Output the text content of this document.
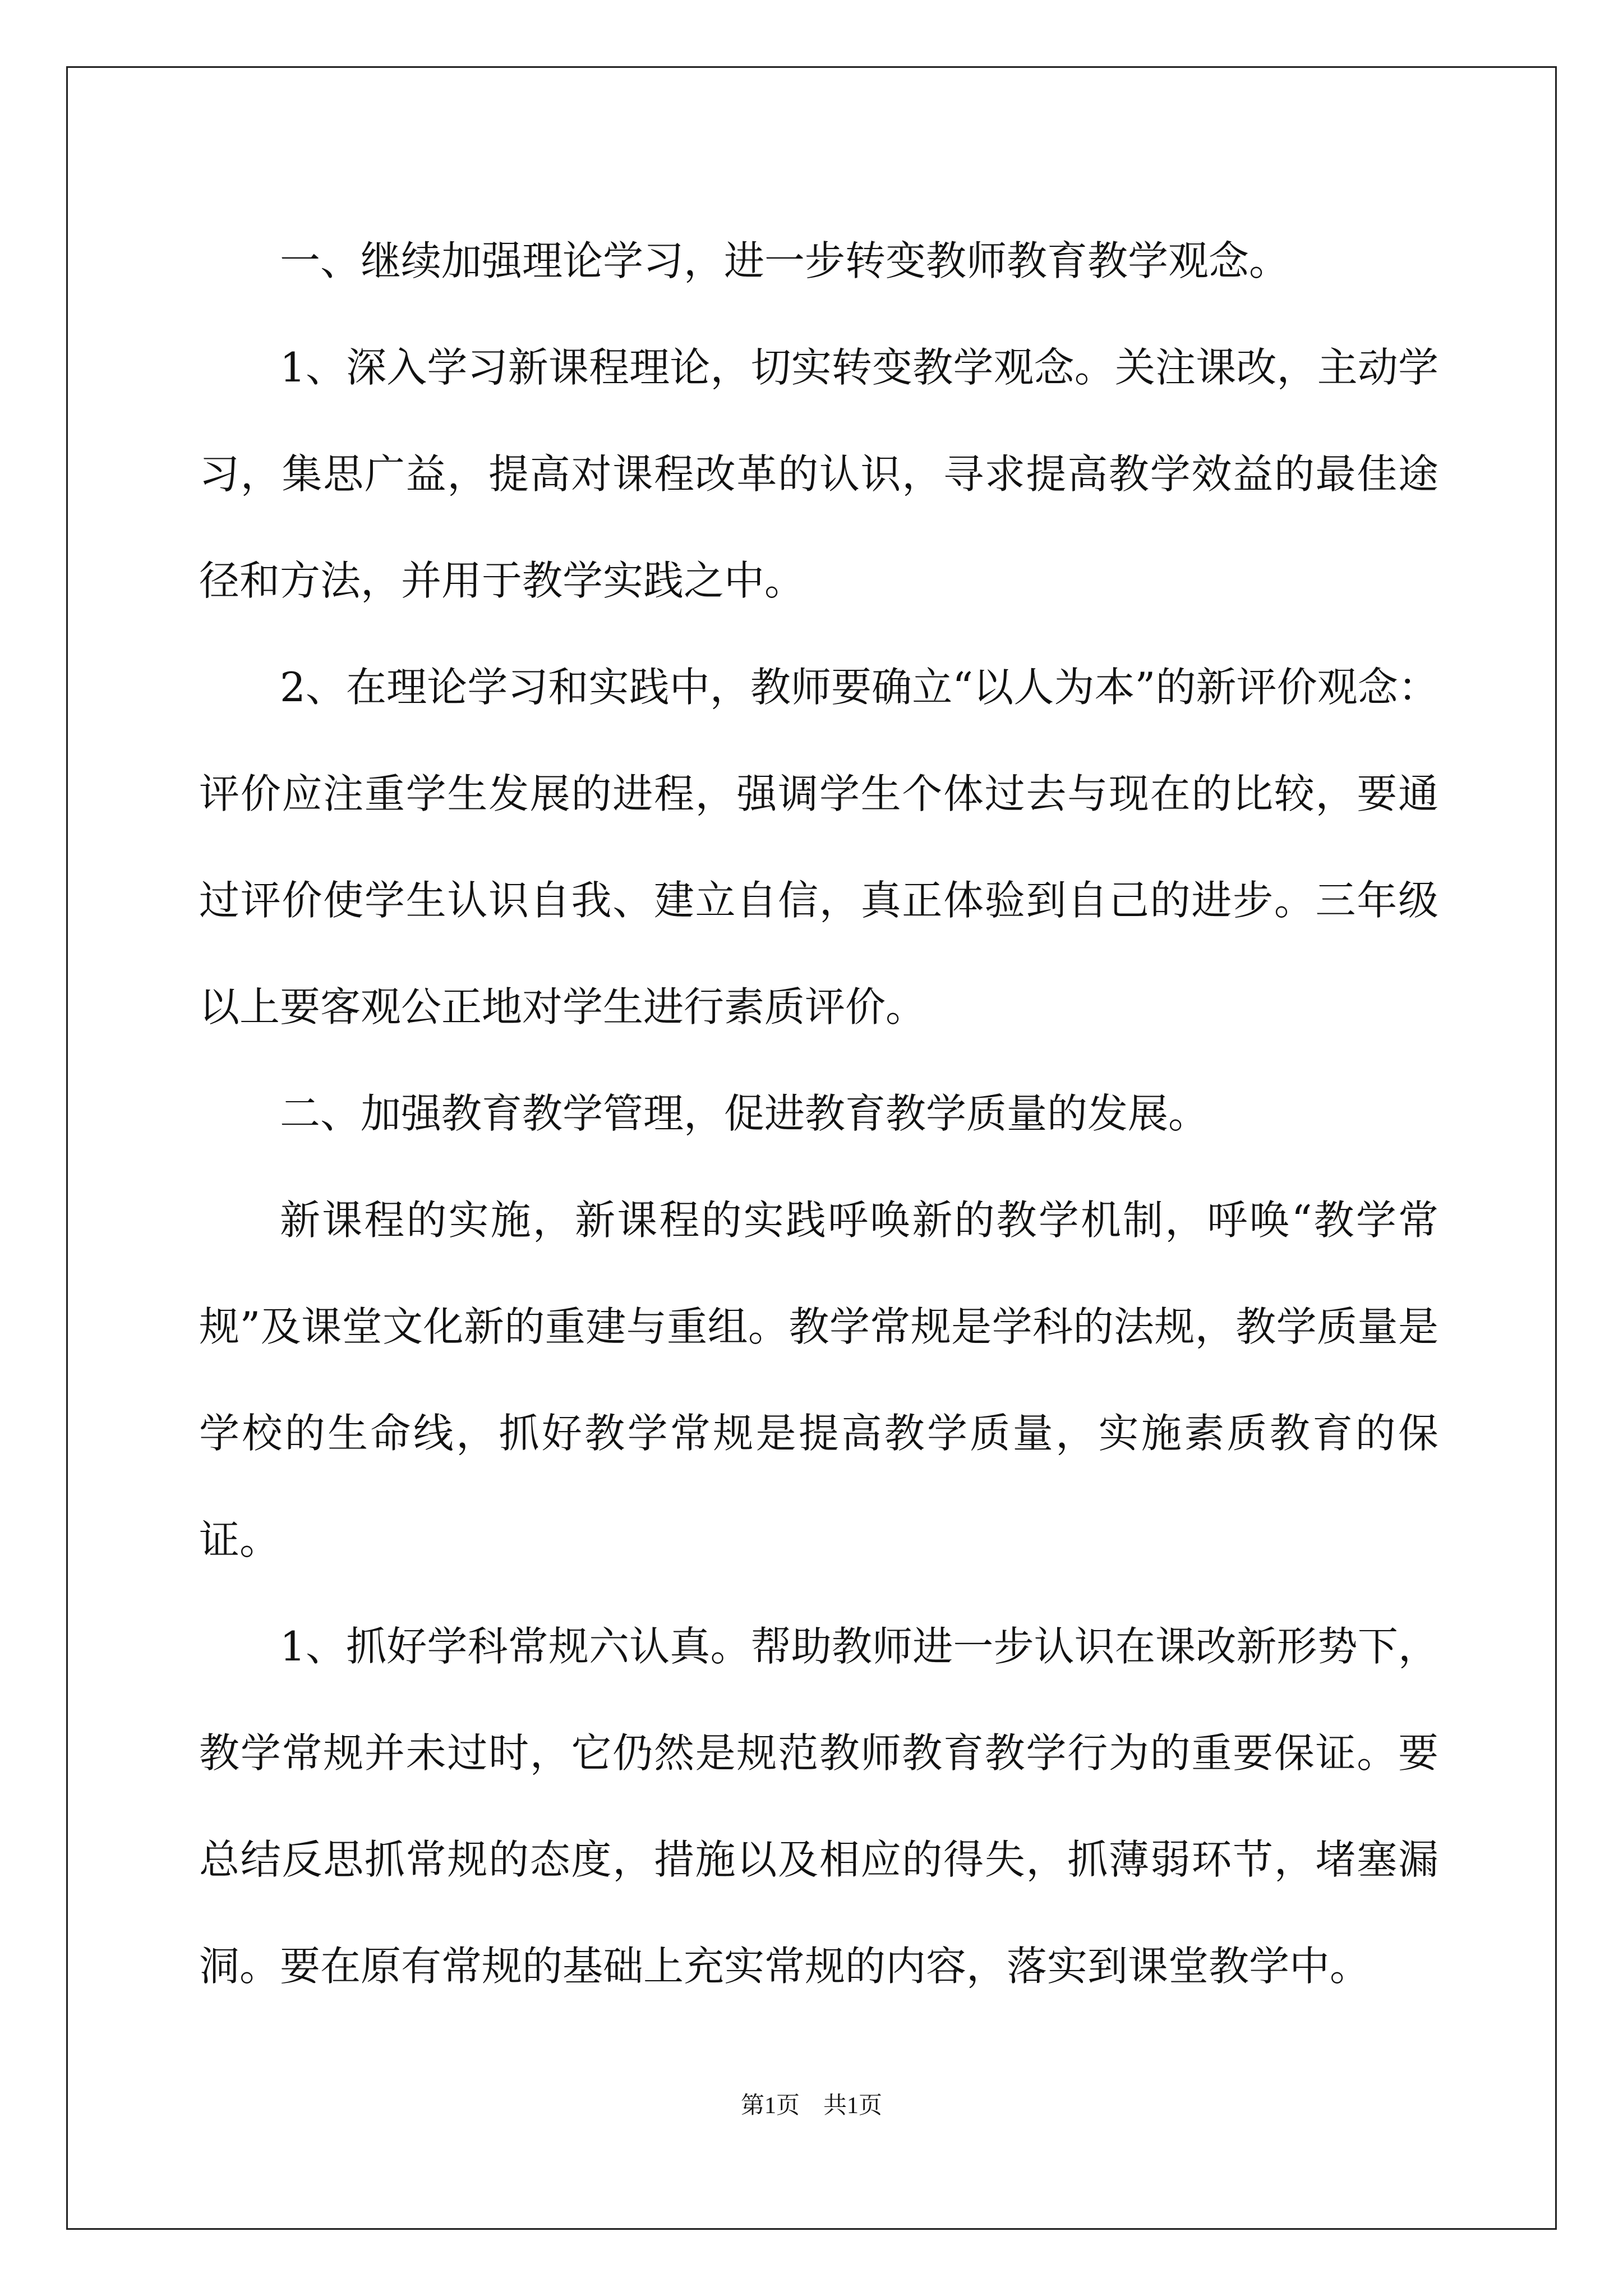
一、继续加强理论学习，进一步转变教师教育教学观念。

1、深入学习新课程理论，切实转变教学观念。关注课改，主动学习，集思广益，提高对课程改革的认识，寻求提高教学效益的最佳途径和方法，并用于教学实践之中。

2、在理论学习和实践中，教师要确立“以人为本”的新评价观念：评价应注重学生发展的进程，强调学生个体过去与现在的比较，要通过评价使学生认识自我、建立自信，真正体验到自己的进步。三年级以上要客观公正地对学生进行素质评价。

二、加强教育教学管理，促进教育教学质量的发展。

新课程的实施，新课程的实践呼唤新的教学机制，呼唤“教学常规”及课堂文化新的重建与重组。教学常规是学科的法规，教学质量是学校的生命线，抓好教学常规是提高教学质量，实施素质教育的保证。

1、抓好学科常规六认真。帮助教师进一步认识在课改新形势下，教学常规并未过时，它仍然是规范教师教育教学行为的重要保证。要总结反思抓常规的态度，措施以及相应的得失，抓薄弱环节，堵塞漏洞。要在原有常规的基础上充实常规的内容，落实到课堂教学中。

第1页　共1页
